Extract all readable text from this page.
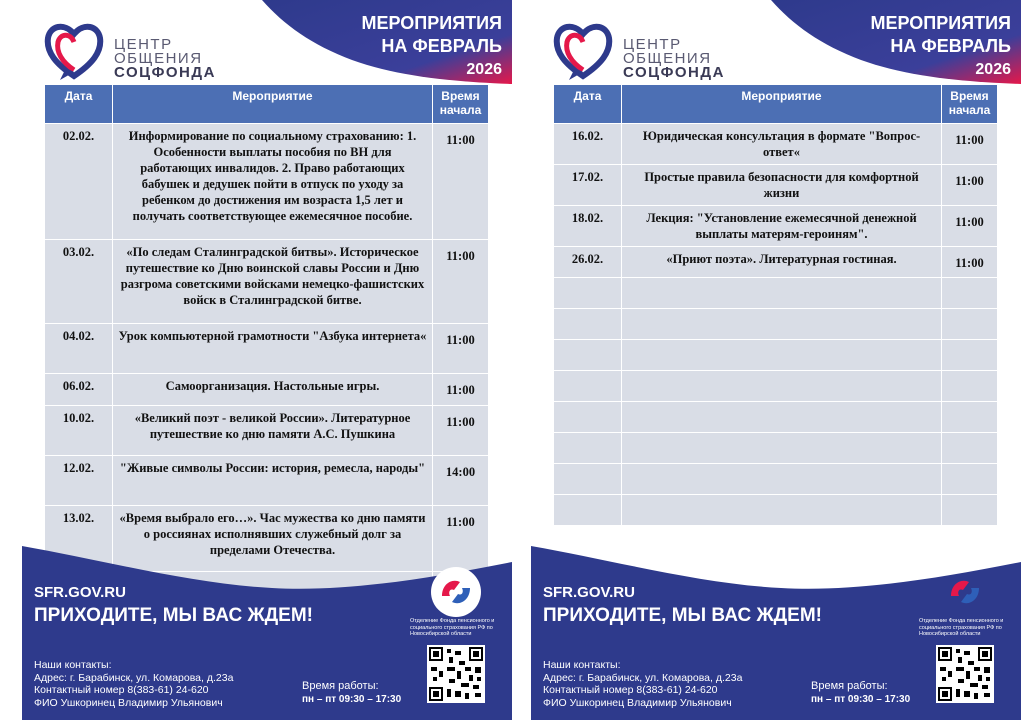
ЦЕНТР
ОБЩЕНИЯ
СОЦФОНДА
МЕРОПРИЯТИЯ
НА ФЕВРАЛЬ
2026
Дата	Мероприятие	Время начала
02.02.	Информирование по социальному страхованию: 1. Особенности выплаты пособия по ВН для работающих инвалидов. 2. Право работающих бабушек и дедушек пойти в отпуск по уходу за ребенком до достижения им возраста 1,5 лет и получать соответствующее ежемесячное пособие.	11:00
03.02.	«По следам Сталинградской битвы». Историческое путешествие ко Дню воинской славы России и Дню разгрома советскими войсками немецко-фашистских войск в Сталинградской битве.	11:00
04.02.	Урок компьютерной грамотности "Азбука интернета«	11:00
06.02.	Самоорганизация. Настольные игры.	11:00
10.02.	«Великий поэт - великой России». Литературное путешествие ко дню памяти А.С. Пушкина	11:00
12.02.	"Живые символы России: история, ремесла, народы"	14:00
13.02.	«Время выбрало его…». Час мужества ко дню памяти о россиянах исполнявших служебный долг за пределами Отечества.	11:00

SFR.GOV.RU
ПРИХОДИТЕ, МЫ ВАС ЖДЕМ!
Наши контакты:
Адрес: г. Барабинск, ул. Комарова, д.23а
Контактный номер 8(383-61) 24-620
ФИО Ушкоринец Владимир Ульянович
Время работы:
пн – пт 09:30 – 17:30
Отделение Фонда пенсионного и социального страхования РФ по Новосибирской области
ЦЕНТР
ОБЩЕНИЯ
СОЦФОНДА
МЕРОПРИЯТИЯ
НА ФЕВРАЛЬ
2026
Дата	Мероприятие	Время начала
16.02.	Юридическая консультация в формате "Вопрос-ответ«	11:00
17.02.	Простые правила безопасности для комфортной жизни	11:00
18.02.	Лекция: "Установление ежемесячной денежной выплаты матерям-героиням".	11:00
26.02.	«Приют поэта». Литературная гостиная.	11:00

SFR.GOV.RU
ПРИХОДИТЕ, МЫ ВАС ЖДЕМ!
Наши контакты:
Адрес: г. Барабинск, ул. Комарова, д.23а
Контактный номер 8(383-61) 24-620
ФИО Ушкоринец Владимир Ульянович
Время работы:
пн – пт 09:30 – 17:30
Отделение Фонда пенсионного и социального страхования РФ по Новосибирской области
